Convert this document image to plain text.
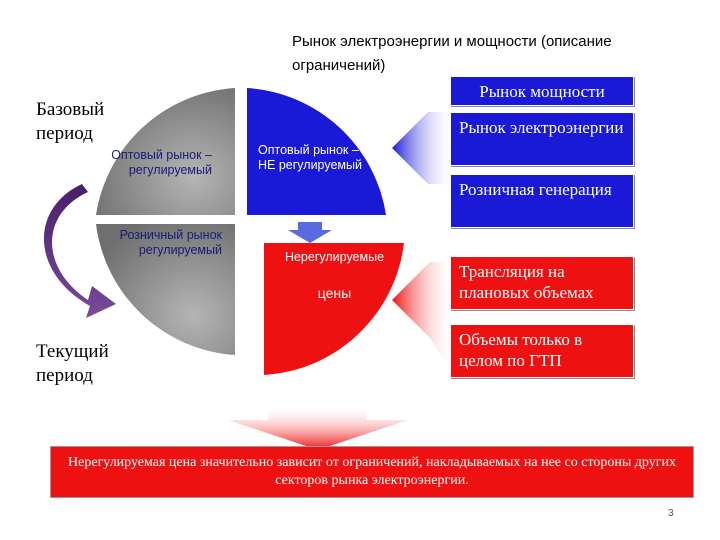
Рынок электроэнергии и мощности (описание ограничений)
Базовый период
Текущий период
Оптовый рынок – регулируемый
Оптовый рынок – НЕ регулируемый
Розничный рынок регулируемый	Нерегулируемые
цены
Рынок мощности
Рынок электроэнергии
Розничная генерация
Трансляция на плановых объемах
Объемы только в целом по ГТП
Нерегулируемая цена значительно зависит от ограничений, накладываемых на нее со стороны других секторов рынка электроэнергии.
3
